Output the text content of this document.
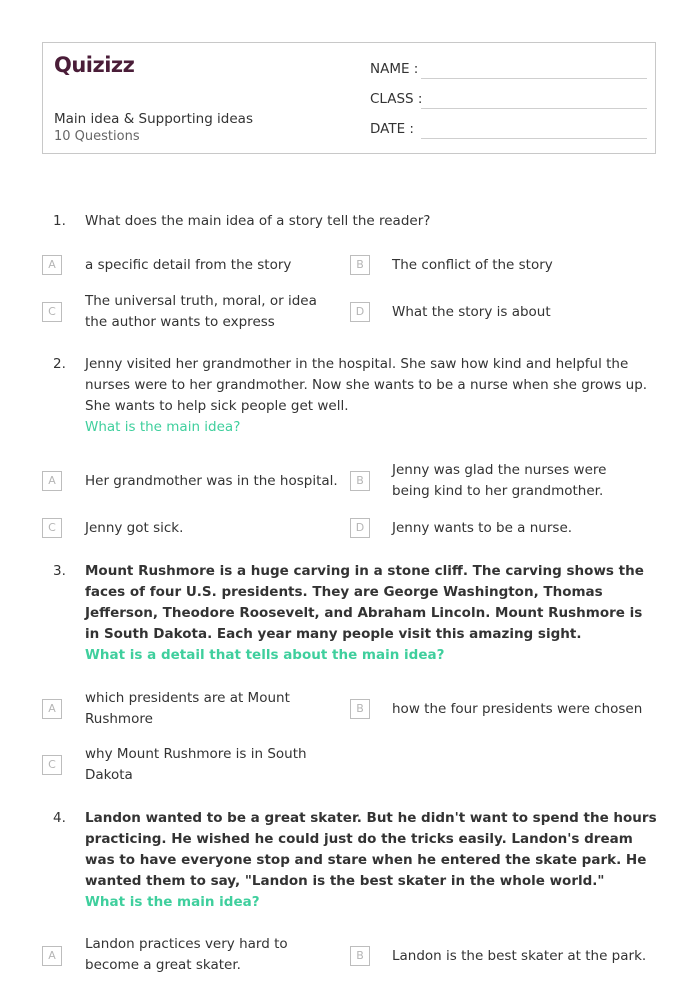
Quizizz
Main idea & Supporting ideas
10 Questions
NAME :
CLASS :
DATE :
1. What does the main idea of a story tell the reader?
A	a specific detail from the story	B	The conflict of the story
C
The universal truth, moral, or idea the author wants to express
D	What the story is about
2. Jenny visited her grandmother in the hospital. She saw how kind and helpful the nurses were to her grandmother. Now she wants to be a nurse when she grows up. She wants to help sick people get well.
What is the main idea?
A	Her grandmother was in the hospital.	B
Jenny was glad the nurses were being kind to her grandmother.
C	Jenny got sick.	D	Jenny wants to be a nurse.
3. Mount Rushmore is a huge carving in a stone cliff. The carving shows the faces of four U.S. presidents. They are George Washington, Thomas Jefferson, Theodore Roosevelt, and Abraham Lincoln. Mount Rushmore is in South Dakota. Each year many people visit this amazing sight.
What is a detail that tells about the main idea?
A
which presidents are at Mount Rushmore
B	how the four presidents were chosen
C
why Mount Rushmore is in South Dakota
4. Landon wanted to be a great skater. But he didn't want to spend the hours practicing. He wished he could just do the tricks easily. Landon's dream was to have everyone stop and stare when he entered the skate park. He wanted them to say, "Landon is the best skater in the whole world."
What is the main idea?
A
Landon practices very hard to become a great skater.
B	Landon is the best skater at the park.
